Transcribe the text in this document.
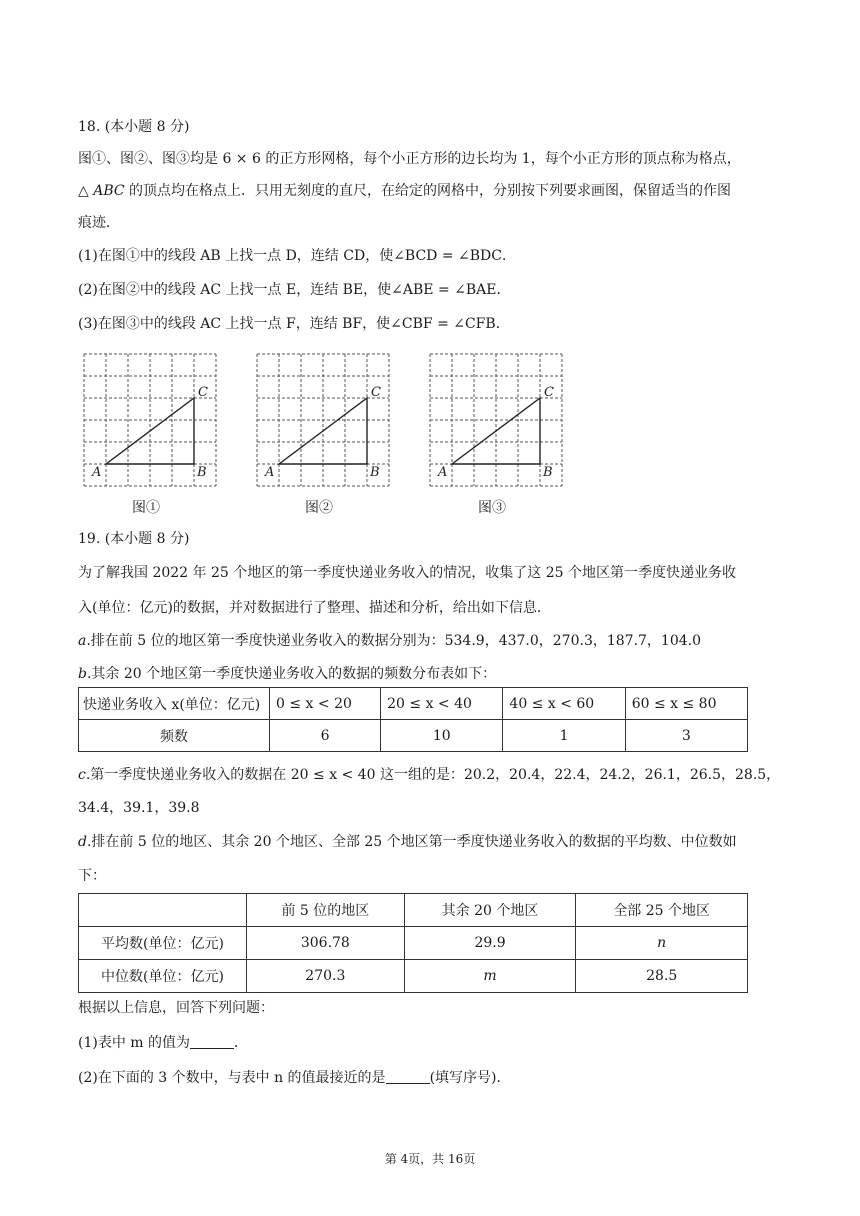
18. (本小题 8 分)
图①、图②、图③均是 6 × 6 的正方形网格，每个小正方形的边长均为 1，每个小正方形的顶点称为格点，
△ ABC 的顶点均在格点上．只用无刻度的直尺，在给定的网格中，分别按下列要求画图，保留适当的作图
痕迹．
(1)在图①中的线段 AB 上找一点 D，连结 CD，使∠BCD = ∠BDC．
(2)在图②中的线段 AC 上找一点 E，连结 BE，使∠ABE = ∠BAE．
(3)在图③中的线段 AC 上找一点 F，连结 BF，使∠CBF = ∠CFB．
A	B
C
A	B
C
A	B
C
图①	图②	图③
19. (本小题 8 分)
为了解我国 2022 年 25 个地区的第一季度快递业务收入的情况，收集了这 25 个地区第一季度快递业务收
入(单位：亿元)的数据，并对数据进行了整理、描述和分析，给出如下信息．
a.排在前 5 位的地区第一季度快递业务收入的数据分别为：534.9，437.0，270.3，187.7，104.0
b.其余 20 个地区第一季度快递业务收入的数据的频数分布表如下：
快递业务收入 x(单位：亿元)	0 ≤ x < 20	20 ≤ x < 40	40 ≤ x < 60	60 ≤ x ≤ 80
频数	6	10	1	3
c.第一季度快递业务收入的数据在 20 ≤ x < 40 这一组的是：20.2，20.4，22.4，24.2，26.1，26.5，28.5，
34.4，39.1，39.8
d.排在前 5 位的地区、其余 20 个地区、全部 25 个地区第一季度快递业务收入的数据的平均数、中位数如
下：
	前 5 位的地区	其余 20 个地区	全部 25 个地区
平均数(单位：亿元)	306.78	29.9	n
中位数(单位：亿元)	270.3	m	28.5
根据以上信息，回答下列问题：
(1)表中 m 的值为	．
(2)在下面的 3 个数中，与表中 n 的值最接近的是	(填写序号)．
第 4页，共 16页
